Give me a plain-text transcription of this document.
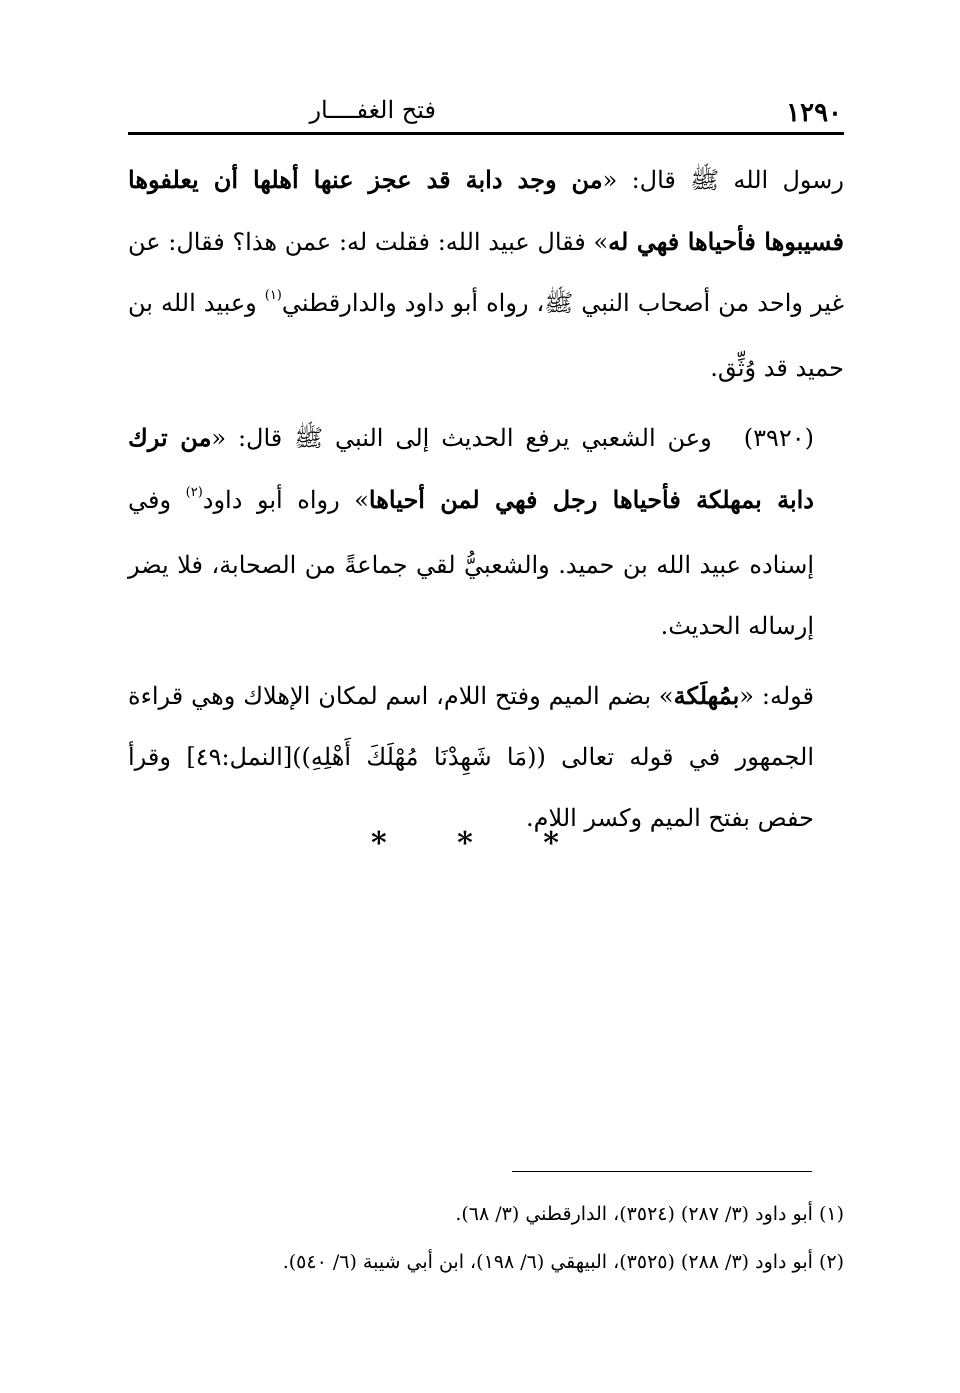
١٢٩٠
فتح الغفــــار

رسول الله ﷺ قال: «من وجد دابة قد عجز عنها أهلها أن يعلفوها فسيبوها فأحياها فهي له» فقال عبيد الله: فقلت له: عمن هذا؟ فقال: عن غير واحد من أصحاب النبي ﷺ، رواه أبو داود والدارقطني$^{(١)}$ وعبيد الله بن حميد قد وُثِّق.

(٣٩٢٠)وعن الشعبي يرفع الحديث إلى النبي ﷺ قال: «من ترك دابة بمهلكة فأحياها رجل فهي لمن أحياها» رواه أبو داود$^{(٢)}$ وفي إسناده عبيد الله بن حميد. والشعبيُّ لقي جماعةً من الصحابة، فلا يضر إرساله الحديث.

قوله: «بمُهلَكة» بضم الميم وفتح اللام، اسم لمكان الإهلاك وهي قراءة الجمهور في قوله تعالى ((مَا شَهِدْنَا مُهْلَكَ أَهْلِهِ))[النمل:٤٩] وقرأ حفص بفتح الميم وكسر اللام.

* * *

(١) أبو داود (٣/ ٢٨٧) (٣٥٢٤)، الدارقطني (٣/ ٦٨).

(٢) أبو داود (٣/ ٢٨٨) (٣٥٢٥)، البيهقي (٦/ ١٩٨)، ابن أبي شيبة (٦/ ٥٤٠).
